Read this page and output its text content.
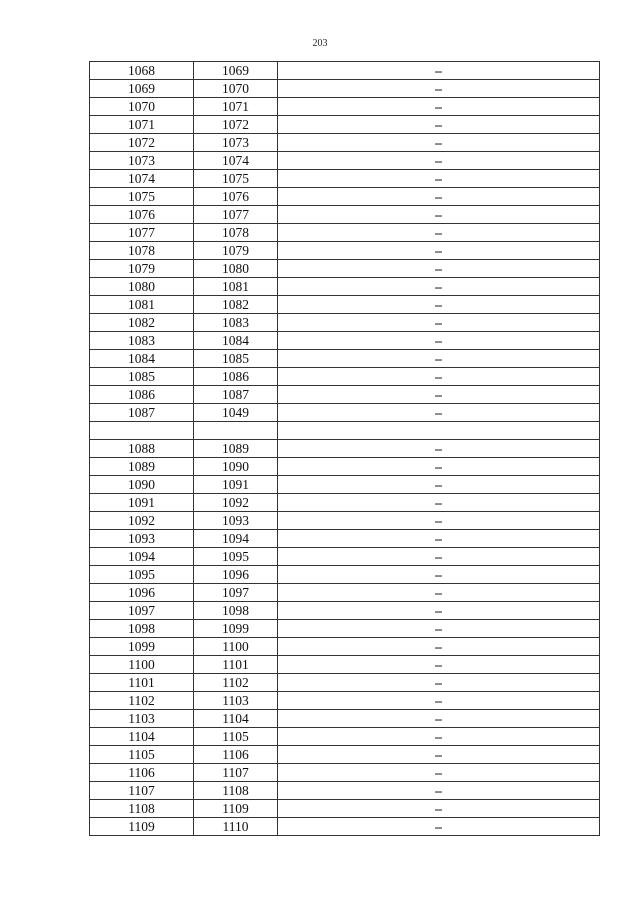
203
1068	1069	–
1069	1070	–
1070	1071	–
1071	1072	–
1072	1073	–
1073	1074	–
1074	1075	–
1075	1076	–
1076	1077	–
1077	1078	–
1078	1079	–
1079	1080	–
1080	1081	–
1081	1082	–
1082	1083	–
1083	1084	–
1084	1085	–
1085	1086	–
1086	1087	–
1087	1049	–

1088	1089	–
1089	1090	–
1090	1091	–
1091	1092	–
1092	1093	–
1093	1094	–
1094	1095	–
1095	1096	–
1096	1097	–
1097	1098	–
1098	1099	–
1099	1100	–
1100	1101	–
1101	1102	–
1102	1103	–
1103	1104	–
1104	1105	–
1105	1106	–
1106	1107	–
1107	1108	–
1108	1109	–
1109	1110	–
